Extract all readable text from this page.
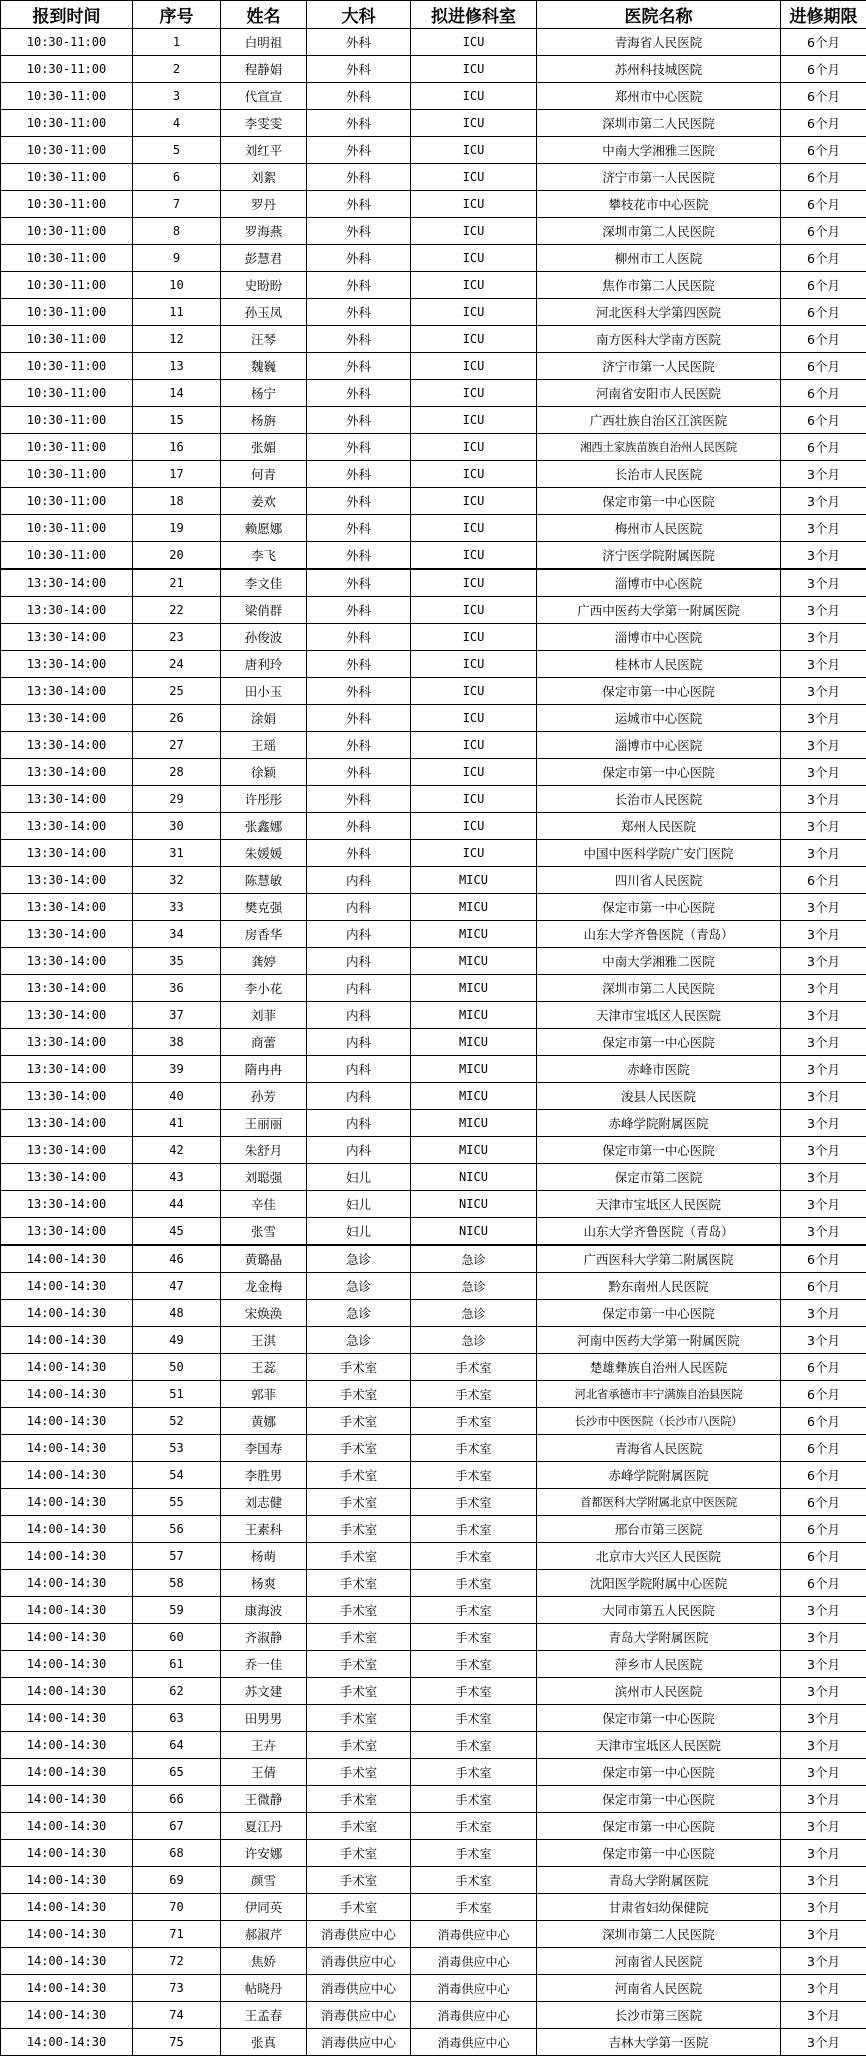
报到时间	序号	姓名	大科	拟进修科室	医院名称	进修期限
10:30-11:00	1	白明祖	外科	ICU	青海省人民医院	6个月
10:30-11:00	2	程静娟	外科	ICU	苏州科技城医院	6个月
10:30-11:00	3	代宣宣	外科	ICU	郑州市中心医院	6个月
10:30-11:00	4	李雯雯	外科	ICU	深圳市第二人民医院	6个月
10:30-11:00	5	刘红平	外科	ICU	中南大学湘雅三医院	6个月
10:30-11:00	6	刘絮	外科	ICU	济宁市第一人民医院	6个月
10:30-11:00	7	罗丹	外科	ICU	攀枝花市中心医院	6个月
10:30-11:00	8	罗海燕	外科	ICU	深圳市第二人民医院	6个月
10:30-11:00	9	彭慧君	外科	ICU	柳州市工人医院	6个月
10:30-11:00	10	史盼盼	外科	ICU	焦作市第二人民医院	6个月
10:30-11:00	11	孙玉凤	外科	ICU	河北医科大学第四医院	6个月
10:30-11:00	12	汪琴	外科	ICU	南方医科大学南方医院	6个月
10:30-11:00	13	魏巍	外科	ICU	济宁市第一人民医院	6个月
10:30-11:00	14	杨宁	外科	ICU	河南省安阳市人民医院	6个月
10:30-11:00	15	杨旃	外科	ICU	广西壮族自治区江滨医院	6个月
10:30-11:00	16	张媚	外科	ICU	湘西土家族苗族自治州人民医院	6个月
10:30-11:00	17	何青	外科	ICU	长治市人民医院	3个月
10:30-11:00	18	姜欢	外科	ICU	保定市第一中心医院	3个月
10:30-11:00	19	赖愿娜	外科	ICU	梅州市人民医院	3个月
10:30-11:00	20	李飞	外科	ICU	济宁医学院附属医院	3个月
13:30-14:00	21	李文佳	外科	ICU	淄博市中心医院	3个月
13:30-14:00	22	梁俏群	外科	ICU	广西中医药大学第一附属医院	3个月
13:30-14:00	23	孙俊波	外科	ICU	淄博市中心医院	3个月
13:30-14:00	24	唐利玲	外科	ICU	桂林市人民医院	3个月
13:30-14:00	25	田小玉	外科	ICU	保定市第一中心医院	3个月
13:30-14:00	26	涂娟	外科	ICU	运城市中心医院	3个月
13:30-14:00	27	王瑶	外科	ICU	淄博市中心医院	3个月
13:30-14:00	28	徐颖	外科	ICU	保定市第一中心医院	3个月
13:30-14:00	29	许彤彤	外科	ICU	长治市人民医院	3个月
13:30-14:00	30	张鑫娜	外科	ICU	郑州人民医院	3个月
13:30-14:00	31	朱媛媛	外科	ICU	中国中医科学院广安门医院	3个月
13:30-14:00	32	陈慧敏	内科	MICU	四川省人民医院	6个月
13:30-14:00	33	樊克强	内科	MICU	保定市第一中心医院	3个月
13:30-14:00	34	房香华	内科	MICU	山东大学齐鲁医院（青岛）	3个月
13:30-14:00	35	龚婷	内科	MICU	中南大学湘雅二医院	3个月
13:30-14:00	36	李小花	内科	MICU	深圳市第二人民医院	3个月
13:30-14:00	37	刘菲	内科	MICU	天津市宝坻区人民医院	3个月
13:30-14:00	38	商蕾	内科	MICU	保定市第一中心医院	3个月
13:30-14:00	39	隋冉冉	内科	MICU	赤峰市医院	3个月
13:30-14:00	40	孙芳	内科	MICU	浚县人民医院	3个月
13:30-14:00	41	王丽丽	内科	MICU	赤峰学院附属医院	3个月
13:30-14:00	42	朱舒月	内科	MICU	保定市第一中心医院	3个月
13:30-14:00	43	刘聪强	妇儿	NICU	保定市第二医院	3个月
13:30-14:00	44	辛佳	妇儿	NICU	天津市宝坻区人民医院	3个月
13:30-14:00	45	张雪	妇儿	NICU	山东大学齐鲁医院（青岛）	3个月
14:00-14:30	46	黄璐晶	急诊	急诊	广西医科大学第二附属医院	6个月
14:00-14:30	47	龙金梅	急诊	急诊	黔东南州人民医院	6个月
14:00-14:30	48	宋焕涣	急诊	急诊	保定市第一中心医院	3个月
14:00-14:30	49	王淇	急诊	急诊	河南中医药大学第一附属医院	3个月
14:00-14:30	50	王蕊	手术室	手术室	楚雄彝族自治州人民医院	6个月
14:00-14:30	51	郭菲	手术室	手术室	河北省承德市丰宁满族自治县医院	6个月
14:00-14:30	52	黄娜	手术室	手术室	长沙市中医医院（长沙市八医院）	6个月
14:00-14:30	53	李国寿	手术室	手术室	青海省人民医院	6个月
14:00-14:30	54	李胜男	手术室	手术室	赤峰学院附属医院	6个月
14:00-14:30	55	刘志健	手术室	手术室	首都医科大学附属北京中医医院	6个月
14:00-14:30	56	王素科	手术室	手术室	邢台市第三医院	6个月
14:00-14:30	57	杨萌	手术室	手术室	北京市大兴区人民医院	6个月
14:00-14:30	58	杨爽	手术室	手术室	沈阳医学院附属中心医院	6个月
14:00-14:30	59	康海波	手术室	手术室	大同市第五人民医院	3个月
14:00-14:30	60	齐淑静	手术室	手术室	青岛大学附属医院	3个月
14:00-14:30	61	乔一佳	手术室	手术室	萍乡市人民医院	3个月
14:00-14:30	62	苏文建	手术室	手术室	滨州市人民医院	3个月
14:00-14:30	63	田男男	手术室	手术室	保定市第一中心医院	3个月
14:00-14:30	64	王卉	手术室	手术室	天津市宝坻区人民医院	3个月
14:00-14:30	65	王倩	手术室	手术室	保定市第一中心医院	3个月
14:00-14:30	66	王微静	手术室	手术室	保定市第一中心医院	3个月
14:00-14:30	67	夏江丹	手术室	手术室	保定市第一中心医院	3个月
14:00-14:30	68	许安娜	手术室	手术室	保定市第一中心医院	3个月
14:00-14:30	69	颜雪	手术室	手术室	青岛大学附属医院	3个月
14:00-14:30	70	伊同英	手术室	手术室	甘肃省妇幼保健院	3个月
14:00-14:30	71	郝淑芹	消毒供应中心	消毒供应中心	深圳市第二人民医院	3个月
14:00-14:30	72	焦娇	消毒供应中心	消毒供应中心	河南省人民医院	3个月
14:00-14:30	73	帖晓丹	消毒供应中心	消毒供应中心	河南省人民医院	3个月
14:00-14:30	74	王孟春	消毒供应中心	消毒供应中心	长沙市第三医院	3个月
14:00-14:30	75	张真	消毒供应中心	消毒供应中心	吉林大学第一医院	3个月
